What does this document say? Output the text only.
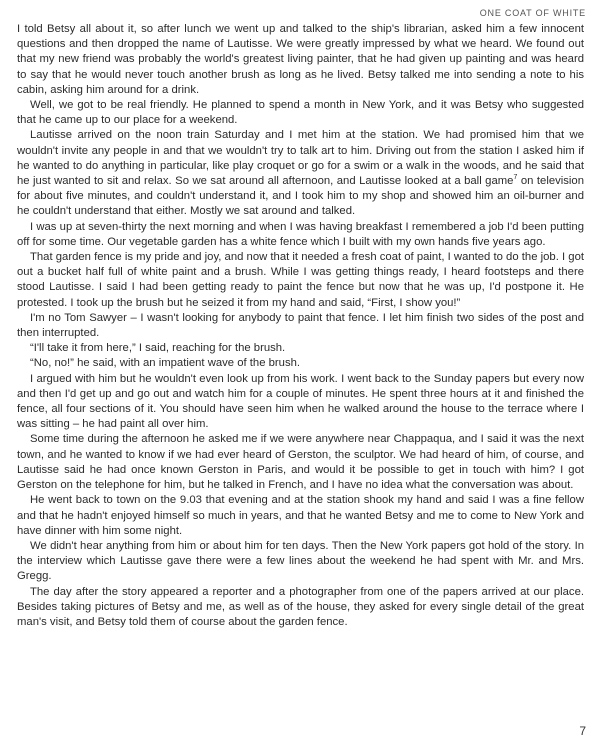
ONE COAT OF WHITE

I told Betsy all about it, so after lunch we went up and talked to the ship's librarian, asked him a few innocent questions and then dropped the name of Lautisse. We were greatly impressed by what we heard. We found out that my new friend was probably the world's greatest living painter, that he had given up painting and was heard to say that he would never touch another brush as long as he lived. Betsy talked me into sending a note to his cabin, asking him around for a drink.

Well, we got to be real friendly. He planned to spend a month in New York, and it was Betsy who suggested that he came up to our place for a weekend.

Lautisse arrived on the noon train Saturday and I met him at the station. We had promised him that we wouldn't invite any people in and that we wouldn't try to talk art to him. Driving out from the station I asked him if he wanted to do anything in particular, like play croquet or go for a swim or a walk in the woods, and he said that he just wanted to sit and relax. So we sat around all afternoon, and Lautisse looked at a ball game$^7$ on television for about five minutes, and couldn't understand it, and I took him to my shop and showed him an oil-burner and he couldn't understand that either. Mostly we sat around and talked.

I was up at seven-thirty the next morning and when I was having breakfast I remembered a job I'd been putting off for some time. Our vegetable garden has a white fence which I built with my own hands five years ago.

That garden fence is my pride and joy, and now that it needed a fresh coat of paint, I wanted to do the job. I got out a bucket half full of white paint and a brush. While I was getting things ready, I heard footsteps and there stood Lautisse. I said I had been getting ready to paint the fence but now that he was up, I'd postpone it. He protested. I took up the brush but he seized it from my hand and said, “First, I show you!”

I'm no Tom Sawyer – I wasn't looking for anybody to paint that fence. I let him finish two sides of the post and then interrupted.

“I'll take it from here,” I said, reaching for the brush.

“No, no!” he said, with an impatient wave of the brush.

I argued with him but he wouldn't even look up from his work. I went back to the Sunday papers but every now and then I'd get up and go out and watch him for a couple of minutes. He spent three hours at it and finished the fence, all four sections of it. You should have seen him when he walked around the house to the terrace where I was sitting – he had paint all over him.

Some time during the afternoon he asked me if we were anywhere near Chappaqua, and I said it was the next town, and he wanted to know if we had ever heard of Gerston, the sculptor. We had heard of him, of course, and Lautisse said he had once known Gerston in Paris, and would it be possible to get in touch with him? I got Gerston on the telephone for him, but he talked in French, and I have no idea what the conversation was about.

He went back to town on the 9.03 that evening and at the station shook my hand and said I was a fine fellow and that he hadn't enjoyed himself so much in years, and that he wanted Betsy and me to come to New York and have dinner with him some night.

We didn't hear anything from him or about him for ten days. Then the New York papers got hold of the story. In the interview which Lautisse gave there were a few lines about the weekend he had spent with Mr. and Mrs. Gregg.

The day after the story appeared a reporter and a photographer from one of the papers arrived at our place. Besides taking pictures of Betsy and me, as well as of the house, they asked for every single detail of the great man's visit, and Betsy told them of course about the garden fence.

7
